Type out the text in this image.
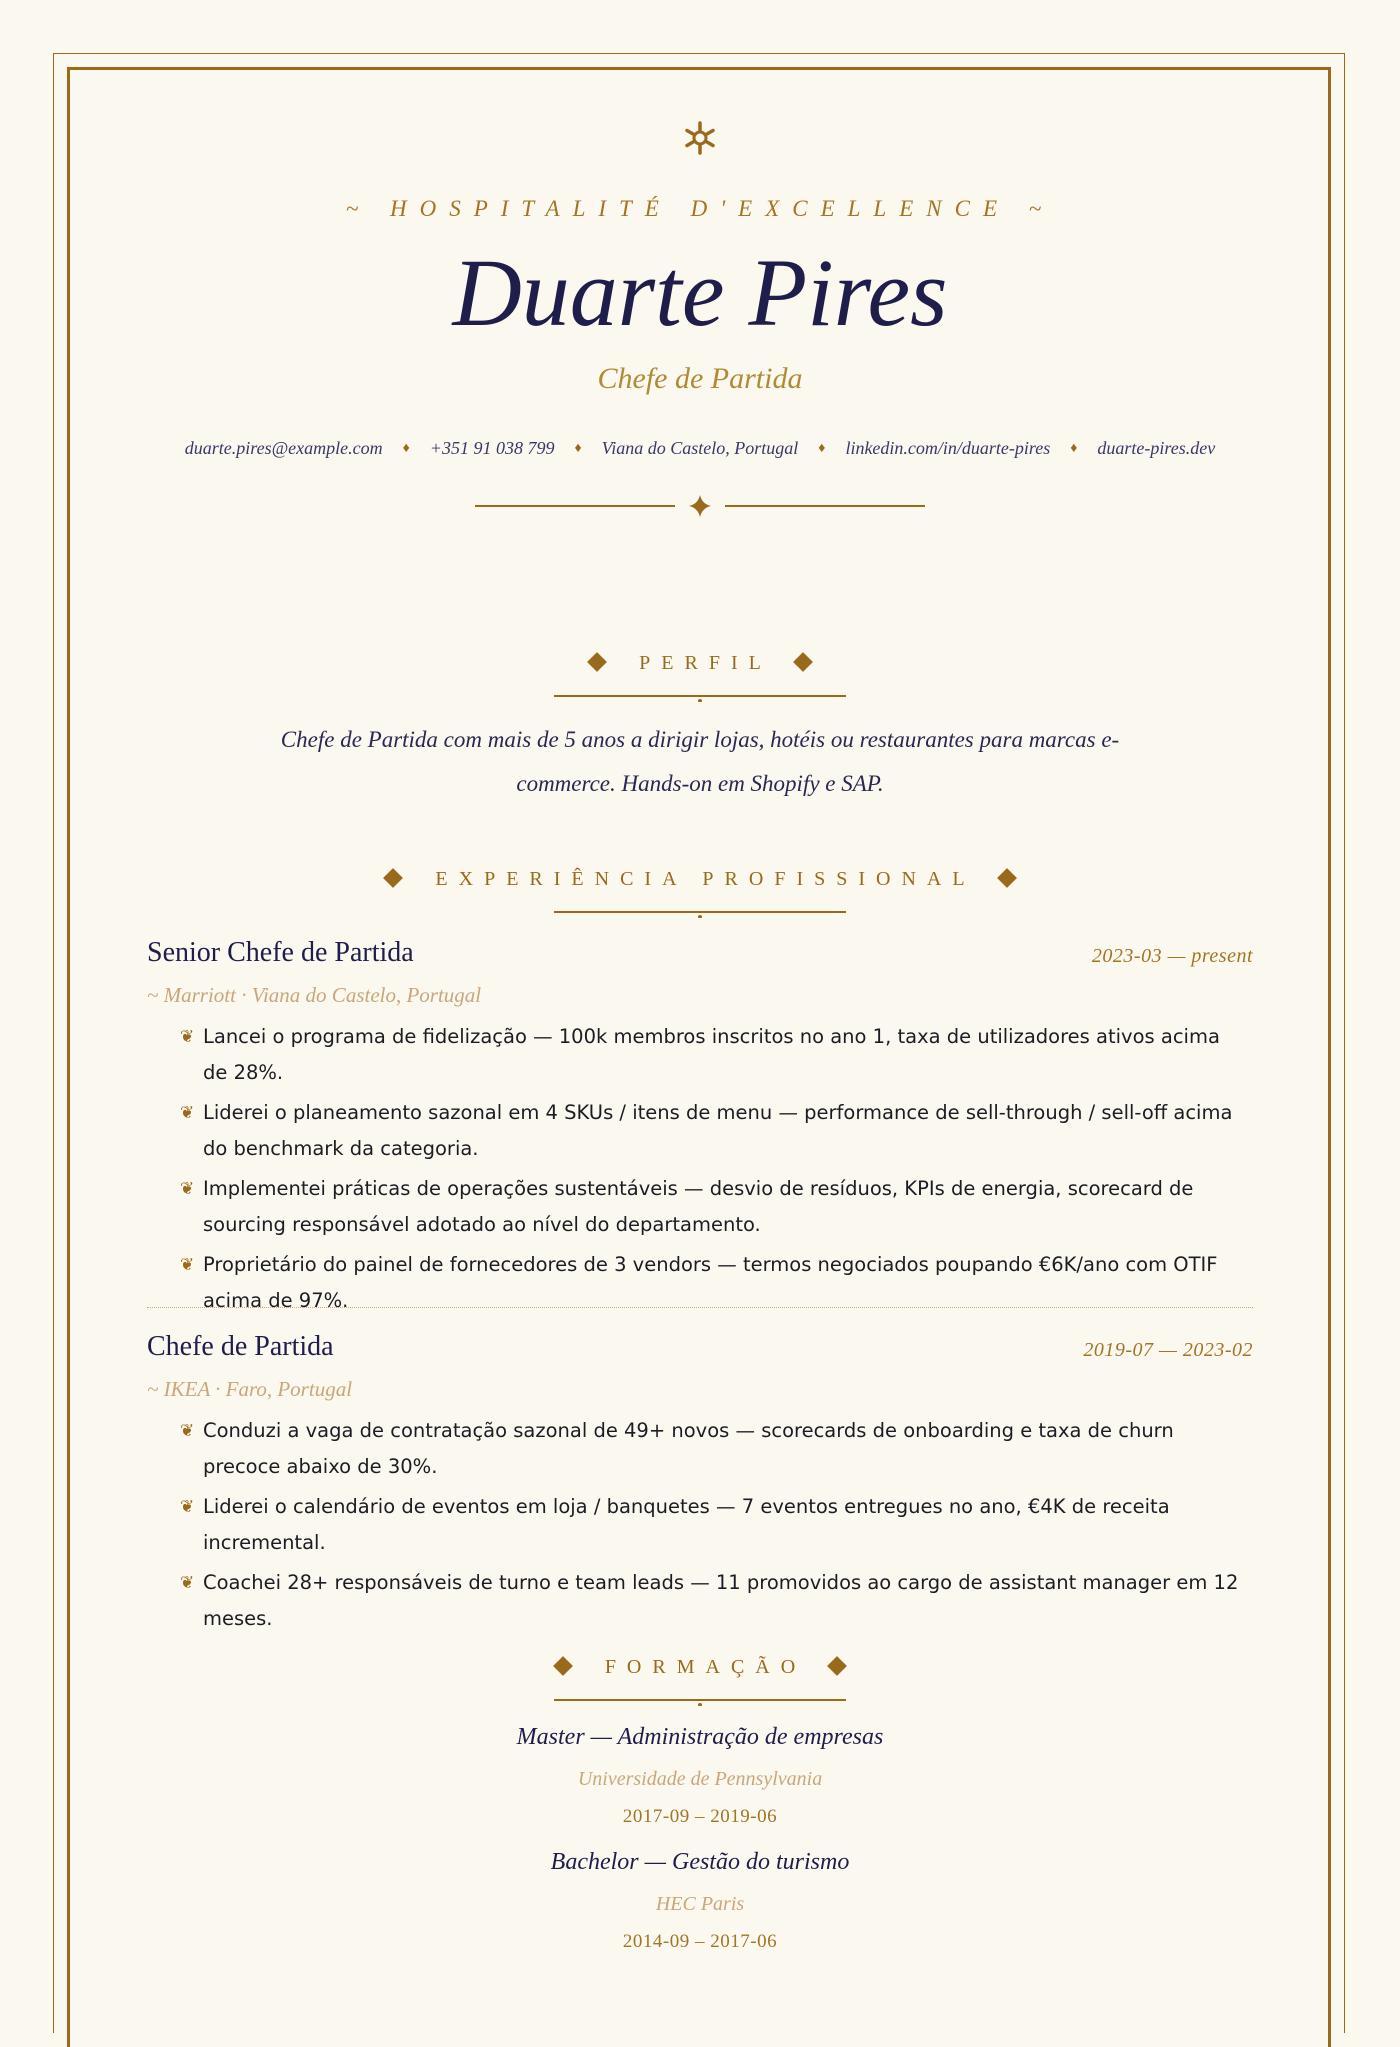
~ HOSPITALITÉ D'EXCELLENCE ~
Duarte Pires
Chefe de Partida
duarte.pires@example.com ♦ +351 91 038 799 ♦ Viana do Castelo, Portugal ♦ linkedin.com/in/duarte-pires ♦ duarte-pires.dev
PERFIL
Chefe de Partida com mais de 5 anos a dirigir lojas, hotéis ou restaurantes para marcas e-commerce. Hands-on em Shopify e SAP.
EXPERIÊNCIA PROFISSIONAL
Senior Chefe de Partida	2023-03 — present
~ Marriott · Viana do Castelo, Portugal
❦ Lancei o programa de fidelização — 100k membros inscritos no ano 1, taxa de utilizadores ativos acima de 28%.
❦ Liderei o planeamento sazonal em 4 SKUs / itens de menu — performance de sell-through / sell-off acima do benchmark da categoria.
❦ Implementei práticas de operações sustentáveis — desvio de resíduos, KPIs de energia, scorecard de sourcing responsável adotado ao nível do departamento.
❦ Proprietário do painel de fornecedores de 3 vendors — termos negociados poupando €6K/ano com OTIF acima de 97%.
Chefe de Partida	2019-07 — 2023-02
~ IKEA · Faro, Portugal
❦ Conduzi a vaga de contratação sazonal de 49+ novos — scorecards de onboarding e taxa de churn precoce abaixo de 30%.
❦ Liderei o calendário de eventos em loja / banquetes — 7 eventos entregues no ano, €4K de receita incremental.
❦ Coachei 28+ responsáveis de turno e team leads — 11 promovidos ao cargo de assistant manager em 12 meses.
FORMAÇÃO
Master — Administração de empresas
Universidade de Pennsylvania
2017-09 – 2019-06
Bachelor — Gestão do turismo
HEC Paris
2014-09 – 2017-06
